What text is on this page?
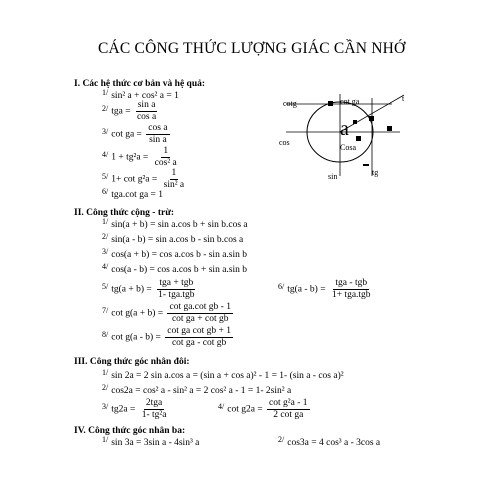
CÁC CÔNG THỨC LƯỢNG GIÁC CẦN NHỚ
I. Các hệ thức cơ bản và hệ quả:
$^{1/}$ sin² a + cos² a = 1
$^{2/}$ tga = $\frac{\text{sin a}}{\text{cos a}}$
$^{3/}$ cot ga = $\frac{\text{cos a}}{\text{sin a}}$
$^{4/}$ $1 + tg^2a = \frac{1}{\text{cos² a}}$
$^{5/}$ $1+ \cot g^2a = \frac{1}{\text{sin² a}}$
$^{6/}$ tga.cot ga = 1
cotg	cot ga	t
a
cos
Cosa
sin	tg
II. Công thức cộng - trừ:
$^{1/}$ sin(a + b) = sin a.cos b + sin b.cos a
$^{2/}$ sin(a - b) = sin a.cos b - sin b.cos a
$^{3/}$ cos(a + b) = cos a.cos b - sin a.sin b
$^{4/}$ cos(a - b) = cos a.cos b + sin a.sin b
$^{5/}$ $tg(a + b) = \frac{\text{tga + tgb}}{\text{1- tga.tgb}}$	$^{6/}$ $tg(a - b) = \frac{\text{tga - tgb}}{\text{1+ tga.tgb}}$
$^{7/}$ $\cot g(a + b) = \frac{\text{cot ga.cot gb - 1}}{\text{cot ga + cot gb}}$
$^{8/}$ $\cot g(a - b) = \frac{\text{cot ga cot gb + 1}}{\text{cot ga - cot gb}}$
III. Công thức góc nhân đôi:
$^{1/}$ sin 2a = 2 sin a.cos a = (sin a + cos a)² - 1 = 1- (sin a - cos a)²
$^{2/}$ cos2a = cos² a - sin² a = 2 cos² a - 1 = 1- 2sin² a
$^{3/}$ $tg2a = \frac{\text{2tga}}{\text{1- tg²a}}$	$^{4/}$ $\cot g2a = \frac{\text{cot g²a - 1}}{\text{2 cot ga}}$
IV. Công thức góc nhân ba:
$^{1/}$ sin 3a = 3sin a - 4sin³ a	$^{2/}$ cos3a = 4 cos³ a - 3cos a
